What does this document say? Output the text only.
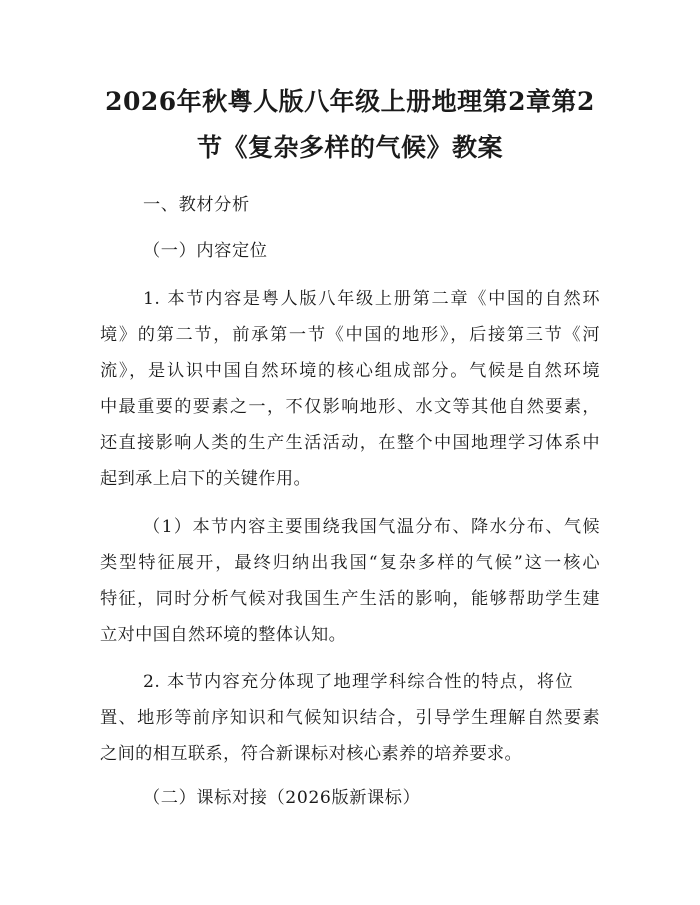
2026年秋粤人版八年级上册地理第2章第2
节《复杂多样的气候》教案
一、教材分析
（一）内容定位
1. 本节内容是粤人版八年级上册第二章《中国的自然环
境》的第二节，前承第一节《中国的地形》，后接第三节《河
流》，是认识中国自然环境的核心组成部分。气候是自然环境
中最重要的要素之一，不仅影响地形、水文等其他自然要素，
还直接影响人类的生产生活活动，在整个中国地理学习体系中
起到承上启下的关键作用。
（1）本节内容主要围绕我国气温分布、降水分布、气候
类型特征展开，最终归纳出我国“复杂多样的气候”这一核心
特征，同时分析气候对我国生产生活的影响，能够帮助学生建
立对中国自然环境的整体认知。
2. 本节内容充分体现了地理学科综合性的特点，将位
置、地形等前序知识和气候知识结合，引导学生理解自然要素
之间的相互联系，符合新课标对核心素养的培养要求。
（二）课标对接（2026版新课标）
